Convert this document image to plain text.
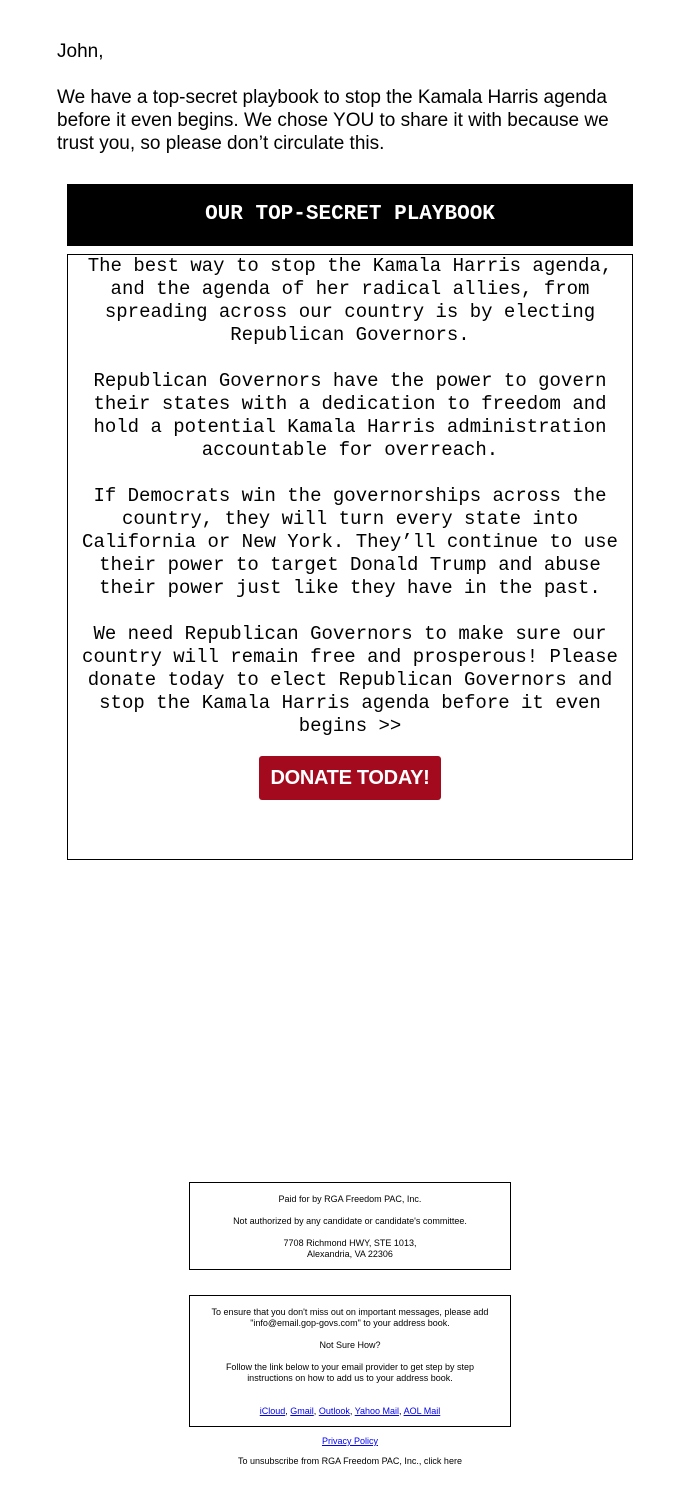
John,

We have a top-secret playbook to stop the Kamala Harris agenda before it even begins. We chose YOU to share it with because we trust you, so please don’t circulate this.

OUR TOP-SECRET PLAYBOOK

The best way to stop the Kamala Harris agenda, and the agenda of her radical allies, from spreading across our country is by electing Republican Governors.

Republican Governors have the power to govern their states with a dedication to freedom and hold a potential Kamala Harris administration accountable for overreach.

If Democrats win the governorships across the country, they will turn every state into California or New York. They’ll continue to use their power to target Donald Trump and abuse their power just like they have in the past.

We need Republican Governors to make sure our country will remain free and prosperous! Please donate today to elect Republican Governors and stop the Kamala Harris agenda before it even begins >>

DONATE TODAY!

Paid for by RGA Freedom PAC, Inc.

Not authorized by any candidate or candidate's committee.

7708 Richmond HWY, STE 1013,

Alexandria, VA 22306

To ensure that you don't miss out on important messages, please add "info@email.gop-govs.com" to your address book.

Not Sure How?

Follow the link below to your email provider to get step by step instructions on how to add us to your address book.

iCloud, Gmail, Outlook, Yahoo Mail, AOL Mail

Privacy Policy
To unsubscribe from RGA Freedom PAC, Inc., click here
